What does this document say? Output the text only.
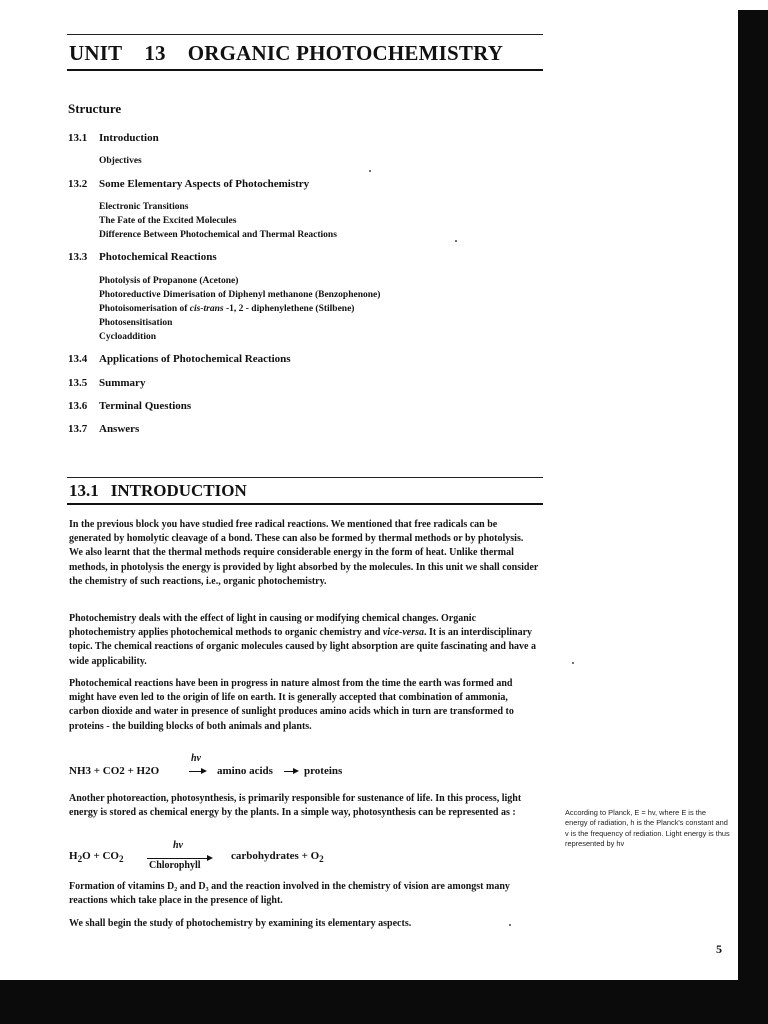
UNIT 13 ORGANIC PHOTOCHEMISTRY
Structure
13.1 Introduction
Objectives
13.2 Some Elementary Aspects of Photochemistry
Electronic Transitions
The Fate of the Excited Molecules
Difference Between Photochemical and Thermal Reactions
13.3 Photochemical Reactions
Photolysis of Propanone (Acetone)
Photoreductive Dimerisation of Diphenyl methanone (Benzophenone)
Photoisomerisation of cis-trans -1, 2 - diphenylethene (Stilbene)
Photosensitisation
Cycloaddition
13.4 Applications of Photochemical Reactions
13.5 Summary
13.6 Terminal Questions
13.7 Answers
13.1 INTRODUCTION
In the previous block you have studied free radical reactions. We mentioned that free radicals can be generated by homolytic cleavage of a bond. These can also be formed by thermal methods or by photolysis. We also learnt that the thermal methods require considerable energy in the form of heat. Unlike thermal methods, in photolysis the energy is provided by light absorbed by the molecules. In this unit we shall consider the chemistry of such reactions, i.e., organic photochemistry.
Photochemistry deals with the effect of light in causing or modifying chemical changes. Organic photochemistry applies photochemical methods to organic chemistry and vice-versa. It is an interdisciplinary topic. The chemical reactions of organic molecules caused by light absorption are quite fascinating and have a wide applicability.
Photochemical reactions have been in progress in nature almost from the time the earth was formed and might have even led to the origin of life on earth. It is generally accepted that combination of ammonia, carbon dioxide and water in presence of sunlight produces amino acids which in turn are transformed to proteins - the building blocks of both animals and plants.
NH3 + CO2 + H2O
hv
amino acids	proteins
Another photoreaction, photosynthesis, is primarily responsible for sustenance of life. In this process, light energy is stored as chemical energy by the plants. In a simple way, photosynthesis can be represented as :
$H_2O + CO_2$
hv
Chlorophyll
carbohydrates + $O_2$
Formation of vitamins D₂ and D₃ and the reaction involved in the chemistry of vision are amongst many reactions which take place in the presence of light.
We shall begin the study of photochemistry by examining its elementary aspects.
According to Planck, E = hv, where E is the energy of radiation, h is the Planck's constant and v is the frequency of rediation. Light energy is thus represented by hv
5
